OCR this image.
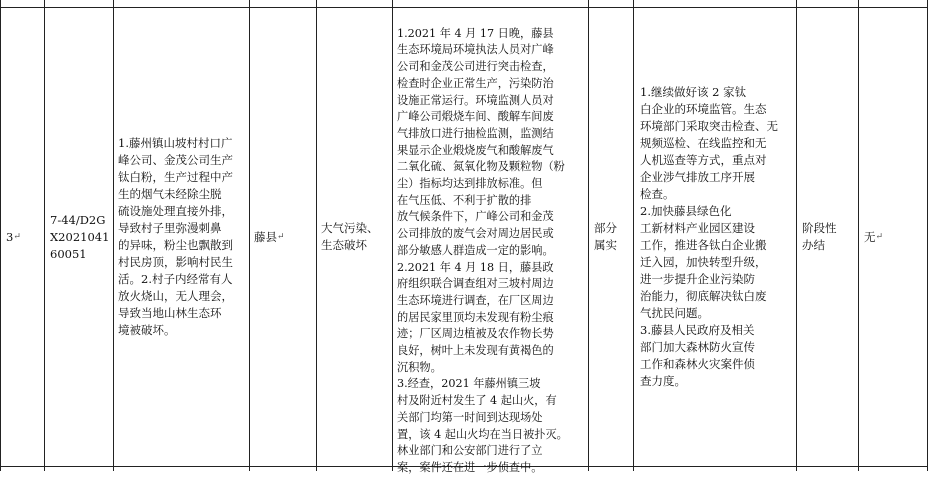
3 ↵
7-44/D2G
X2021041
60051
1.藤州镇山坡村村口广
峰公司、金茂公司生产
钛白粉，生产过程中产
生的烟气未经除尘脱
硫设施处理直接外排，
导致村子里弥漫刺鼻
的异味，粉尘也飘散到
村民房顶，影响村民生
活。2.村子内经常有人
放火烧山，无人理会，
导致当地山林生态环
境被破坏。
藤县 ↵
大气污染、
生态破坏

1.2021 年 4 月 17 日晚，藤县
生态环境局环境执法人员对广峰
公司和金茂公司进行突击检查，
检查时企业正常生产，污染防治
设施正常运行。环境监测人员对
广峰公司煅烧车间、酸解车间废
气排放口进行抽检监测，监测结
果显示企业煅烧废气和酸解废气
二氧化硫、氮氧化物及颗粒物（粉
尘）指标均达到排放标准。但
在气压低、不利于扩散的排
放气候条件下，广峰公司和金茂
公司排放的废气会对周边居民或
部分敏感人群造成一定的影响。
2.2021 年 4 月 18 日，藤县政
府组织联合调查组对三坡村周边
生态环境进行调查，在厂区周边
的居民家里顶均未发现有粉尘痕
迹；厂区周边植被及农作物长势
良好，树叶上未发现有黄褐色的
沉积物。
3.经查，2021 年藤州镇三坡
村及附近村发生了 4 起山火，有
关部门均第一时间到达现场处
置，该 4 起山火均在当日被扑灭。
林业部门和公安部门进行了立
案，案件还在进一步侦查中。

部分
属实
1.继续做好该 2 家钛
白企业的环境监管。生态
环境部门采取突击检查、无
规频巡检、在线监控和无
人机巡查等方式，重点对
企业涉气排放工序开展
检查。
2.加快藤县绿色化
工新材料产业园区建设
工作，推进各钛白企业搬
迁入园，加快转型升级，
进一步提升企业污染防
治能力，彻底解决钛白废
气扰民问题。
3.藤县人民政府及相关
部门加大森林防火宣传
工作和森林火灾案件侦
查力度。
阶段性
办结
无 ↵
